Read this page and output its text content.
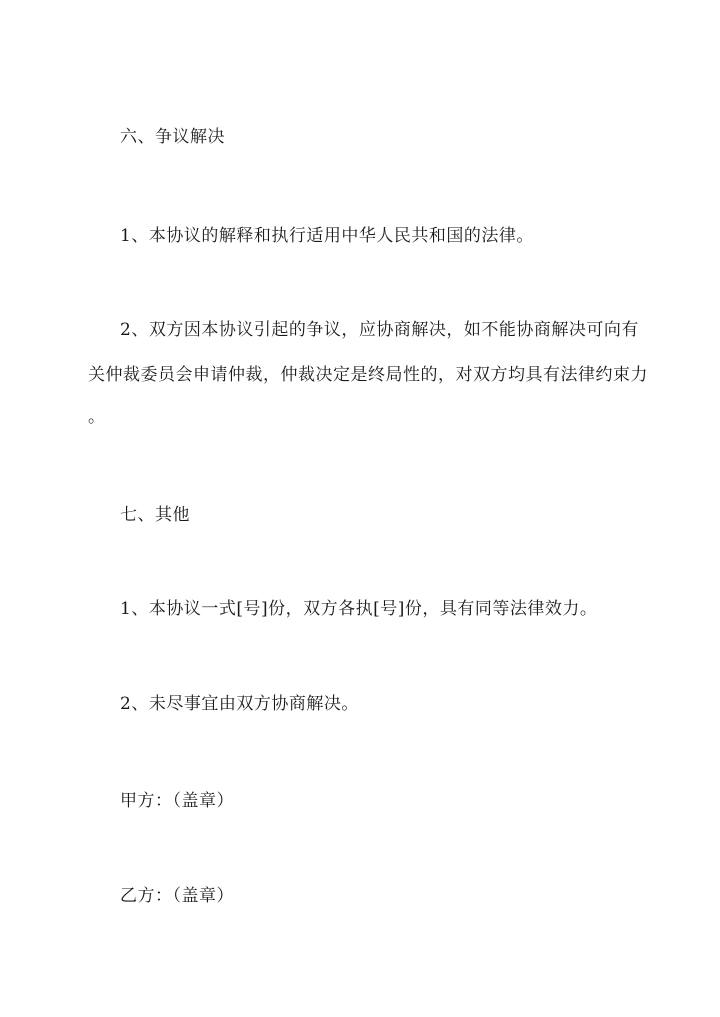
六、争议解决
1、本协议的解释和执行适用中华人民共和国的法律。
2、双方因本协议引起的争议，应协商解决，如不能协商解决可向有
关仲裁委员会申请仲裁，仲裁决定是终局性的，对双方均具有法律约束力
。
七、其他
1、本协议一式[号]份，双方各执[号]份，具有同等法律效力。
2、未尽事宜由双方协商解决。
甲方：（盖章）
乙方：（盖章）
